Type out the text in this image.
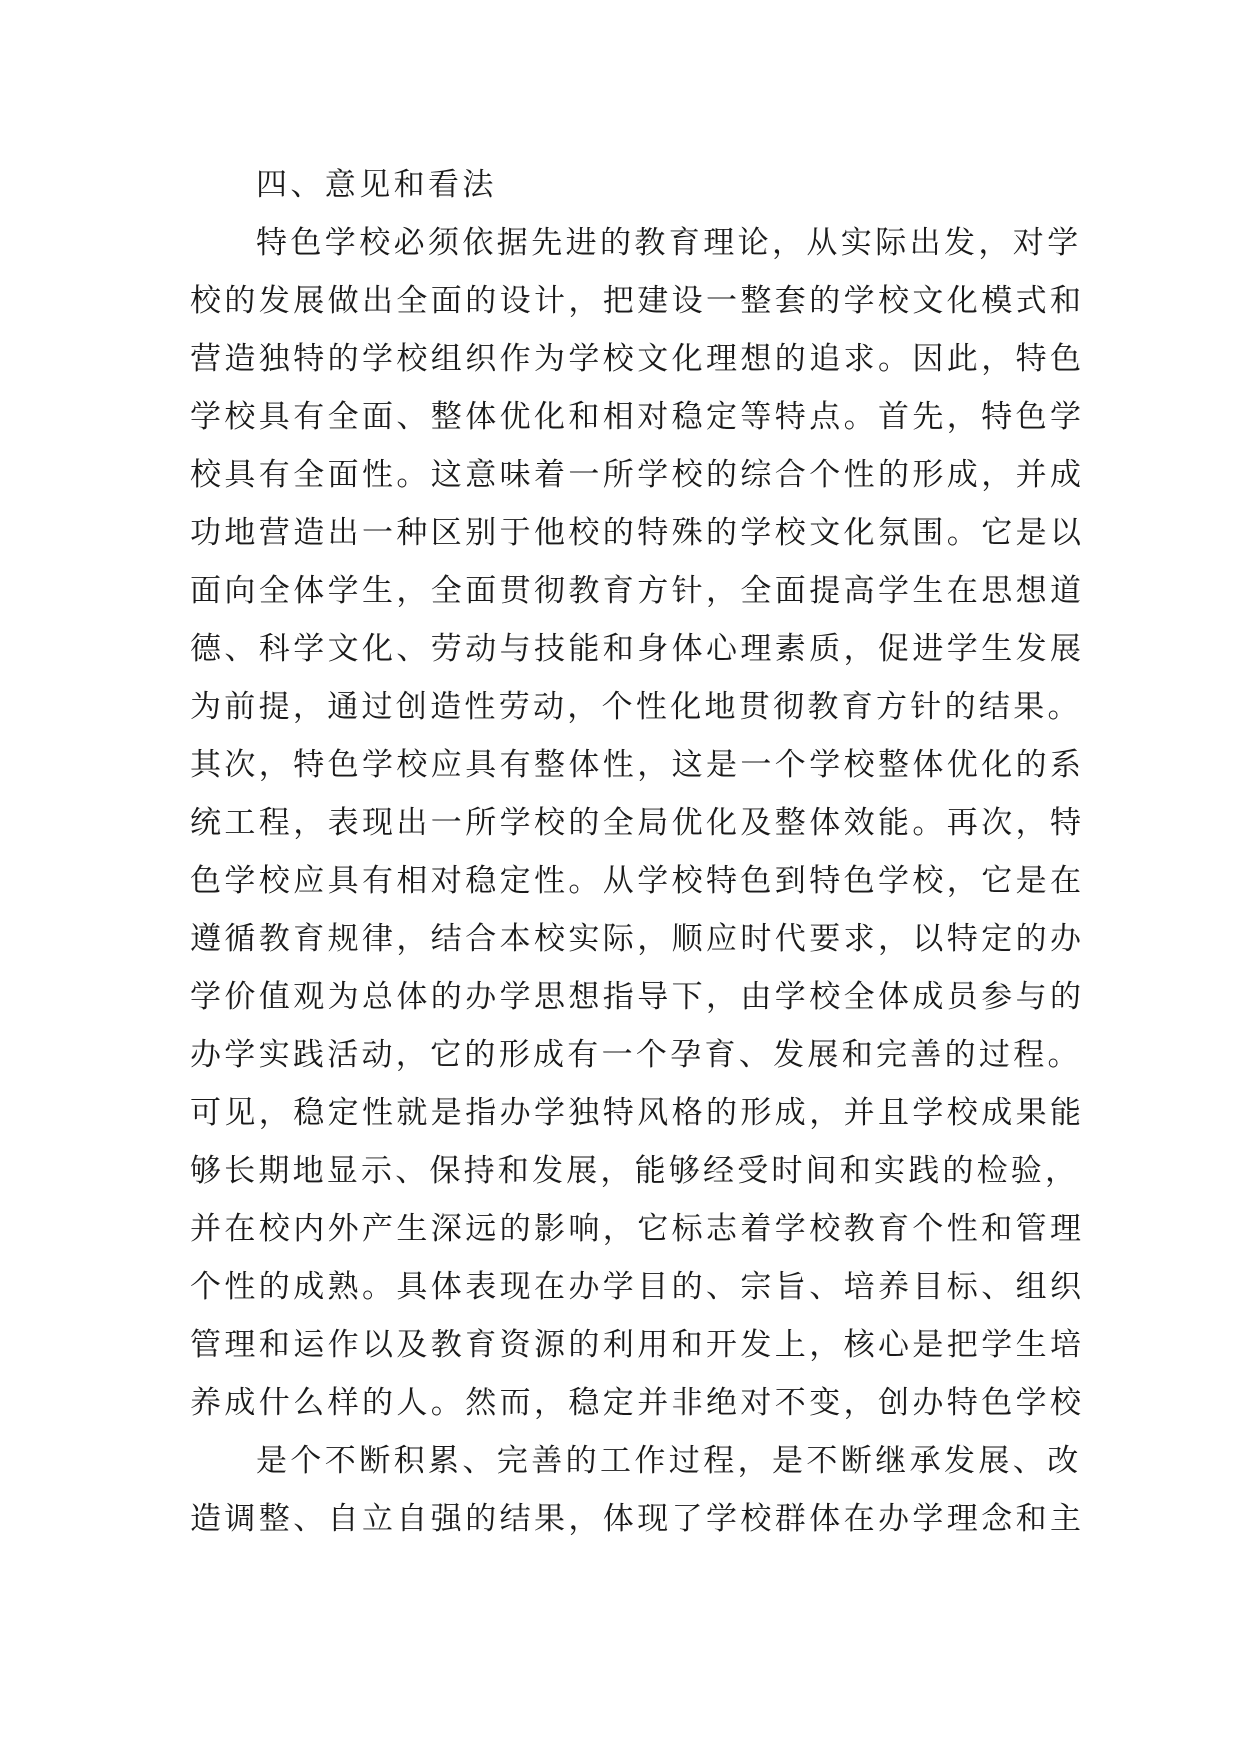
四、意见和看法
特色学校必须依据先进的教育理论，从实际出发，对学
校的发展做出全面的设计，把建设一整套的学校文化模式和
营造独特的学校组织作为学校文化理想的追求。因此，特色
学校具有全面、整体优化和相对稳定等特点。首先，特色学
校具有全面性。这意味着一所学校的综合个性的形成，并成
功地营造出一种区别于他校的特殊的学校文化氛围。它是以
面向全体学生，全面贯彻教育方针，全面提高学生在思想道
德、科学文化、劳动与技能和身体心理素质，促进学生发展
为前提，通过创造性劳动，个性化地贯彻教育方针的结果。
其次，特色学校应具有整体性，这是一个学校整体优化的系
统工程，表现出一所学校的全局优化及整体效能。再次，特
色学校应具有相对稳定性。从学校特色到特色学校，它是在
遵循教育规律，结合本校实际，顺应时代要求，以特定的办
学价值观为总体的办学思想指导下，由学校全体成员参与的
办学实践活动，它的形成有一个孕育、发展和完善的过程。
可见，稳定性就是指办学独特风格的形成，并且学校成果能
够长期地显示、保持和发展，能够经受时间和实践的检验，
并在校内外产生深远的影响，它标志着学校教育个性和管理
个性的成熟。具体表现在办学目的、宗旨、培养目标、组织
管理和运作以及教育资源的利用和开发上，核心是把学生培
养成什么样的人。然而，稳定并非绝对不变，创办特色学校
是个不断积累、完善的工作过程，是不断继承发展、改
造调整、自立自强的结果，体现了学校群体在办学理念和主
